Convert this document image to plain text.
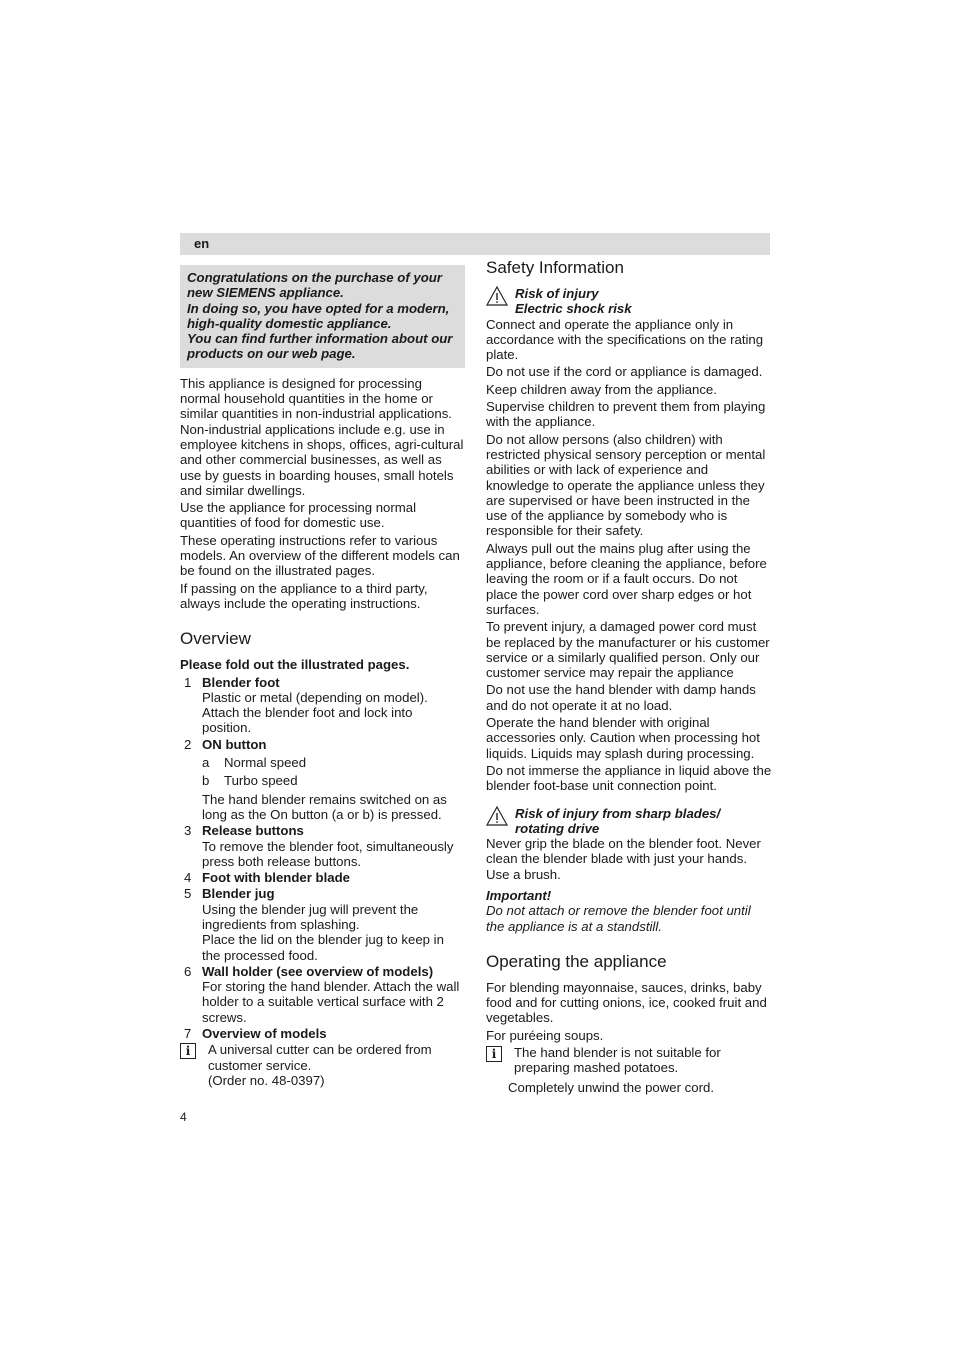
en
Congratulations on the purchase of your new SIEMENS appliance.
In doing so, you have opted for a modern, high-quality domestic appliance.
You can find further information about our products on our web page.

This appliance is designed for processing normal household quantities in the home or similar quantities in non-industrial applications. Non-industrial applications include e.g. use in employee kitchens in shops, offices, agri-cultural and other commercial businesses, as well as use by guests in boarding houses, small hotels and similar dwellings.

Use the appliance for processing normal quantities of food for domestic use.

These operating instructions refer to various models. An overview of the different models can be found on the illustrated pages.

If passing on the appliance to a third party, always include the operating instructions.

Overview

Please fold out the illustrated pages.

1 Blender foot
Plastic or metal (depending on model). Attach the blender foot and lock into position.
2 ON button
a	Normal speed
b	Turbo speed
The hand blender remains switched on as long as the On button (a or b) is pressed.
3 Release buttons
To remove the blender foot, simultaneously press both release buttons.
4 Foot with blender blade
5 Blender jug
Using the blender jug will prevent the ingredients from splashing.
Place the lid on the blender jug to keep in the processed food.
6 Wall holder (see overview of models)
For storing the hand blender. Attach the wall holder to a suitable vertical surface with 2 screws.
7 Overview of models
i	A universal cutter can be ordered from customer service.
(Order no. 48-0397)
Safety Information
Risk of injury
Electric shock risk

Connect and operate the appliance only in accordance with the specifications on the rating plate.

Do not use if the cord or appliance is damaged.

Keep children away from the appliance.

Supervise children to prevent them from playing with the appliance.

Do not allow persons (also children) with restricted physical sensory perception or mental abilities or with lack of experience and knowledge to operate the appliance unless they are supervised or have been instructed in the use of the appliance by somebody who is responsible for their safety.

Always pull out the mains plug after using the appliance, before cleaning the appliance, before leaving the room or if a fault occurs. Do not place the power cord over sharp edges or hot surfaces.

To prevent injury, a damaged power cord must be replaced by the manufacturer or his customer service or a similarly qualified person. Only our customer service may repair the appliance

Do not use the hand blender with damp hands and do not operate it at no load.

Operate the hand blender with original accessories only. Caution when processing hot liquids. Liquids may splash during processing.

Do not immerse the appliance in liquid above the blender foot-base unit connection point.

Risk of injury from sharp blades/
rotating drive

Never grip the blade on the blender foot. Never clean the blender blade with just your hands. Use a brush.

Important!

Do not attach or remove the blender foot until the appliance is at a standstill.

Operating the appliance

For blending mayonnaise, sauces, drinks, baby food and for cutting onions, ice, cooked fruit and vegetables.

For puréeing soups.

i	The hand blender is not suitable for preparing mashed potatoes.
Completely unwind the power cord.
4
